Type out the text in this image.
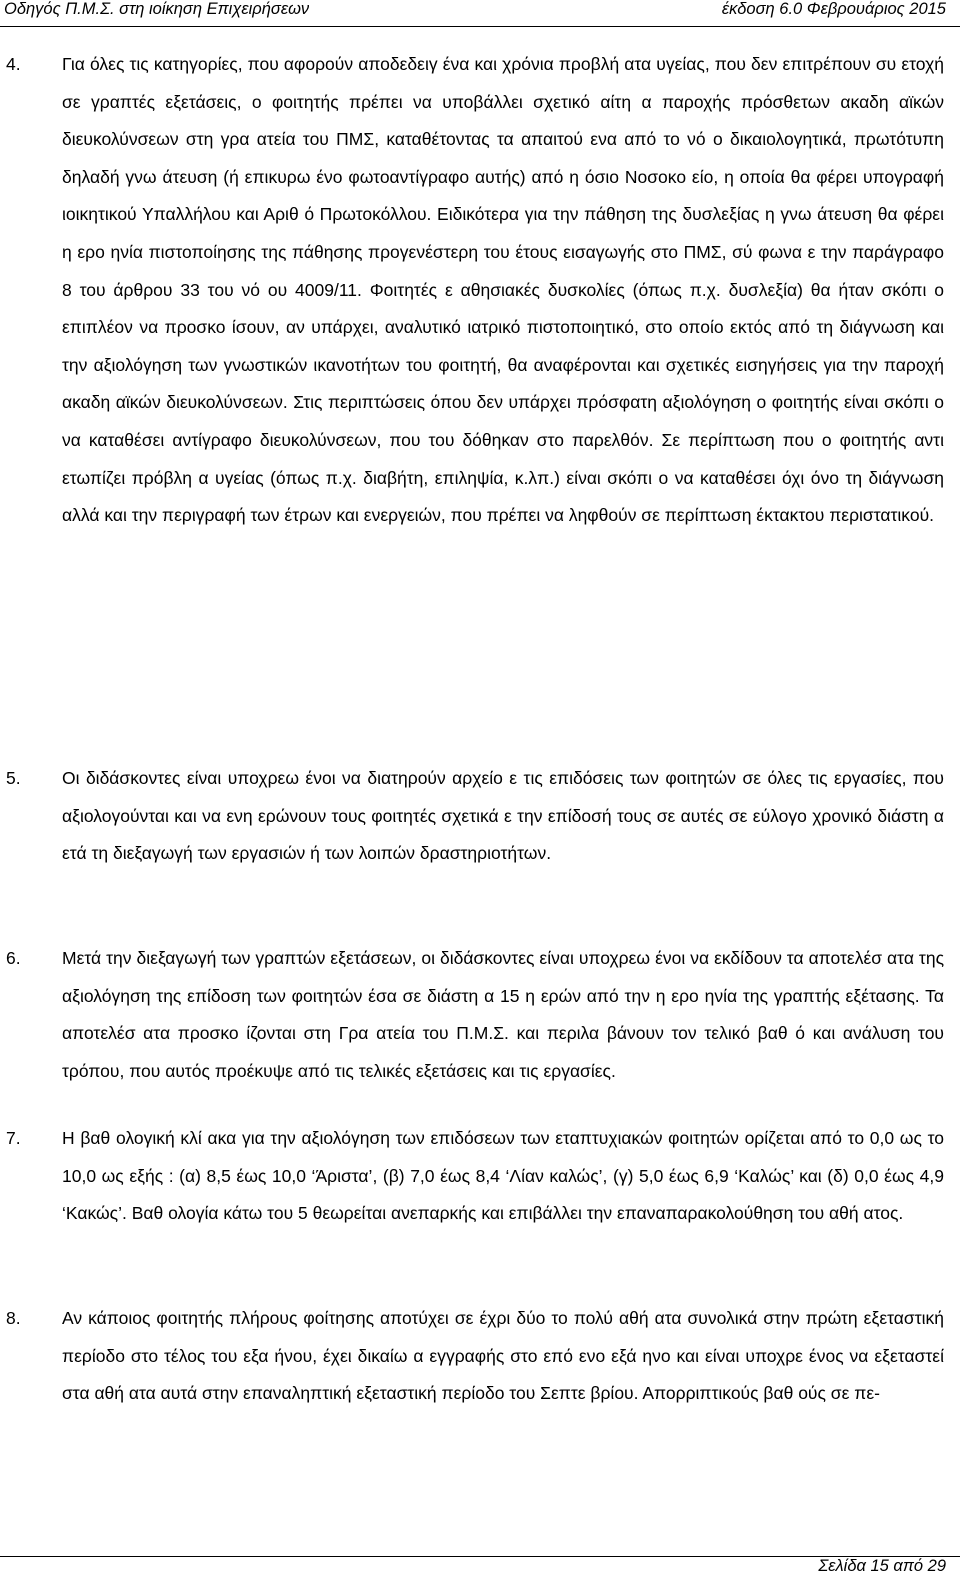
Οδηγός Π.Μ.Σ. στη ιοίκηση Επιχειρήσεων	έκδοση 6.0 Φεβρουάριος 2015
4. Για όλες τις κατηγορίες, που αφορούν αποδεδειγ ένα και χρόνια προβλή ατα υγείας, που δεν επιτρέπουν συ ετοχή σε γραπτές εξετάσεις, ο φοιτητής πρέπει να υποβάλλει σχετικό αίτη α παροχής πρόσθετων ακαδη αϊκών διευκολύνσεων στη γρα ατεία του ΠΜΣ, καταθέτοντας τα απαιτού ενα από το νό ο δικαιολογητικά, πρωτότυπη δηλαδή γνω άτευση (ή επικυρω ένο φωτοαντίγραφο αυτής) από η όσιο Νοσοκο είο, η οποία θα φέρει υπογραφή ιοικητικού Υπαλλήλου και Αριθ ό Πρωτοκόλλου. Ειδικότερα για την πάθηση της δυσλεξίας η γνω άτευση θα φέρει η ερο ηνία πιστοποίησης της πάθησης προγενέστερη του έτους εισαγωγής στο ΠΜΣ, σύ φωνα ε την παράγραφο 8 του άρθρου 33 του νό ου 4009/11. Φοιτητές ε αθησιακές δυσκολίες (όπως π.χ. δυσλεξία) θα ήταν σκόπι ο επιπλέον να προσκο ίσουν, αν υπάρχει, αναλυτικό ιατρικό πιστοποιητικό, στο οποίο εκτός από τη διάγνωση και την αξιολόγηση των γνωστικών ικανοτήτων του φοιτητή, θα αναφέρονται και σχετικές εισηγήσεις για την παροχή ακαδη αϊκών διευκολύνσεων. Στις περιπτώσεις όπου δεν υπάρχει πρόσφατη αξιολόγηση ο φοιτητής είναι σκόπι ο να καταθέσει αντίγραφο διευκολύνσεων, που του δόθηκαν στο παρελθόν. Σε περίπτωση που ο φοιτητής αντι ετωπίζει πρόβλη α υγείας (όπως π.χ. διαβήτη, επιληψία, κ.λπ.) είναι σκόπι ο να καταθέσει όχι όνο τη διάγνωση αλλά και την περιγραφή των έτρων και ενεργειών, που πρέπει να ληφθούν σε περίπτωση έκτακτου περιστατικού.

5. Οι διδάσκοντες είναι υποχρεω ένοι να διατηρούν αρχείο ε τις επιδόσεις των φοιτητών σε όλες τις εργασίες, που αξιολογούνται και να ενη ερώνουν τους φοιτητές σχετικά ε την επίδοσή τους σε αυτές σε εύλογο χρονικό διάστη α ετά τη διεξαγωγή των εργασιών ή των λοιπών δραστηριοτήτων.

6. Μετά την διεξαγωγή των γραπτών εξετάσεων, οι διδάσκοντες είναι υποχρεω ένοι να εκδίδουν τα αποτελέσ ατα της αξιολόγηση της επίδοση των φοιτητών έσα σε διάστη α 15 η ερών από την η ερο ηνία της γραπτής εξέτασης. Τα αποτελέσ ατα προσκο ίζονται στη Γρα ατεία του Π.Μ.Σ. και περιλα βάνουν τον τελικό βαθ ό και ανάλυση του τρόπου, που αυτός προέκυψε από τις τελικές εξετάσεις και τις εργασίες.

7. Η βαθ ολογική κλί ακα για την αξιολόγηση των επιδόσεων των εταπτυχιακών φοιτητών ορίζεται από το 0,0 ως το 10,0 ως εξής : (α) 8,5 έως 10,0 ‘Άριστα’, (β) 7,0 έως 8,4 ‘Λίαν καλώς’, (γ) 5,0 έως 6,9 ‘Καλώς’ και (δ) 0,0 έως 4,9 ‘Κακώς’. Βαθ ολογία κάτω του 5 θεωρείται ανεπαρκής και επιβάλλει την επαναπαρακολούθηση του αθή ατος.

8. Αν κάποιος φοιτητής πλήρους φοίτησης αποτύχει σε έχρι δύο το πολύ αθή ατα συνολικά στην πρώτη εξεταστική περίοδο στο τέλος του εξα ήνου, έχει δικαίω α εγγραφής στο επό ενο εξά ηνο και είναι υποχρε ένος να εξεταστεί στα αθή ατα αυτά στην επαναληπτική εξεταστική περίοδο του Σεπτε βρίου. Απορριπτικούς βαθ ούς σε πε-

Σελίδα 15 από 29
